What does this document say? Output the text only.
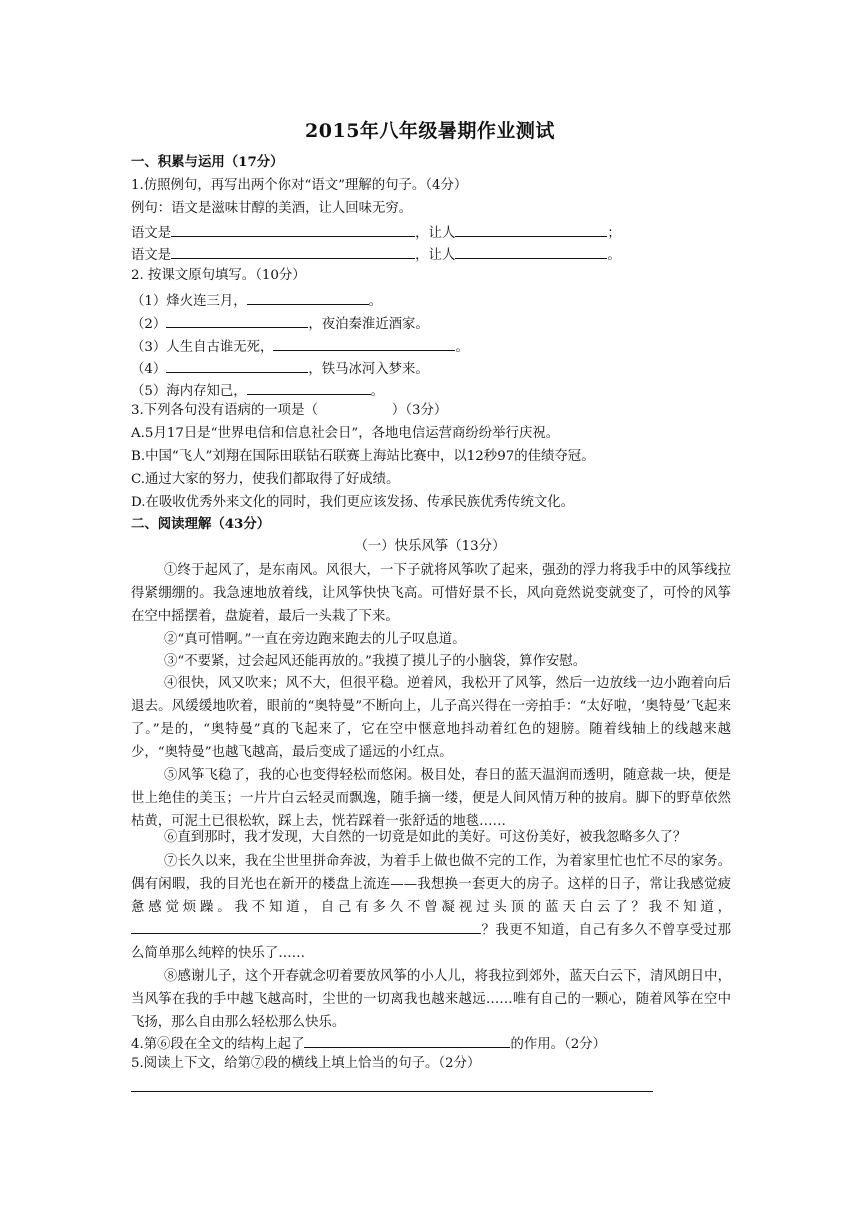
2015年八年级暑期作业测试
一、积累与运用（17分）
1.仿照例句，再写出两个你对“语文”理解的句子。（4分）
例句：语文是滋味甘醇的美酒，让人回味无穷。
语文是	，让人	；
语文是	，让人	。
2. 按课文原句填写。（10分）
（1）烽火连三月，	。
（2）	，夜泊秦淮近酒家。
（3）人生自古谁无死，	。
（4）	，铁马冰河入梦来。
（5）海内存知己，	。
3.下列各句没有语病的一项是（	）（3分）
A.5月17日是“世界电信和信息社会日”，各地电信运营商纷纷举行庆祝。
B.中国“飞人”刘翔在国际田联钻石联赛上海站比赛中，以12秒97的佳绩夺冠。
C.通过大家的努力，使我们都取得了好成绩。
D.在吸收优秀外来文化的同时，我们更应该发扬、传承民族优秀传统文化。
二、阅读理解（43分）
（一）快乐风筝（13分）
①终于起风了，是东南风。风很大，一下子就将风筝吹了起来，强劲的浮力将我手中的风筝线拉得紧绷绷的。我急速地放着线，让风筝快快飞高。可惜好景不长，风向竟然说变就变了，可怜的风筝在空中摇摆着，盘旋着，最后一头栽了下来。
②“真可惜啊。”一直在旁边跑来跑去的儿子叹息道。
③“不要紧，过会起风还能再放的。”我摸了摸儿子的小脑袋，算作安慰。
④很快，风又吹来；风不大，但很平稳。逆着风，我松开了风筝，然后一边放线一边小跑着向后退去。风缓缓地吹着，眼前的“奥特曼”不断向上，儿子高兴得在一旁拍手：“太好啦，‘奥特曼’飞起来了。”是的，“奥特曼”真的飞起来了，它在空中惬意地抖动着红色的翅膀。随着线轴上的线越来越少，“奥特曼”也越飞越高，最后变成了遥远的小红点。
⑤风筝飞稳了，我的心也变得轻松而悠闲。极目处，春日的蓝天温润而透明，随意裁一块，便是世上绝佳的美玉；一片片白云轻灵而飘逸，随手摘一缕，便是人间风情万种的披肩。脚下的野草依然枯黄，可泥土已很松软，踩上去，恍若踩着一张舒适的地毯……
⑥直到那时，我才发现，大自然的一切竟是如此的美好。可这份美好，被我忽略多久了？
⑦长久以来，我在尘世里拼命奔波，为着手上做也做不完的工作，为着家里忙也忙不尽的家务。偶有闲暇，我的目光也在新开的楼盘上流连——我想换一套更大的房子。这样的日子，常让我感觉疲惫感觉烦躁。我不知道，自己有多久不曾凝视过头顶的蓝天白云了？我不知道，？我更不知道，自己有多久不曾享受过那么简单那么纯粹的快乐了……
⑧感谢儿子，这个开春就念叨着要放风筝的小人儿，将我拉到郊外，蓝天白云下，清风朗日中，当风筝在我的手中越飞越高时，尘世的一切离我也越来越远……唯有自己的一颗心，随着风筝在空中飞扬，那么自由那么轻松那么快乐。
4.第⑥段在全文的结构上起了	的作用。（2分）
5.阅读上下文，给第⑦段的横线上填上恰当的句子。（2分）
